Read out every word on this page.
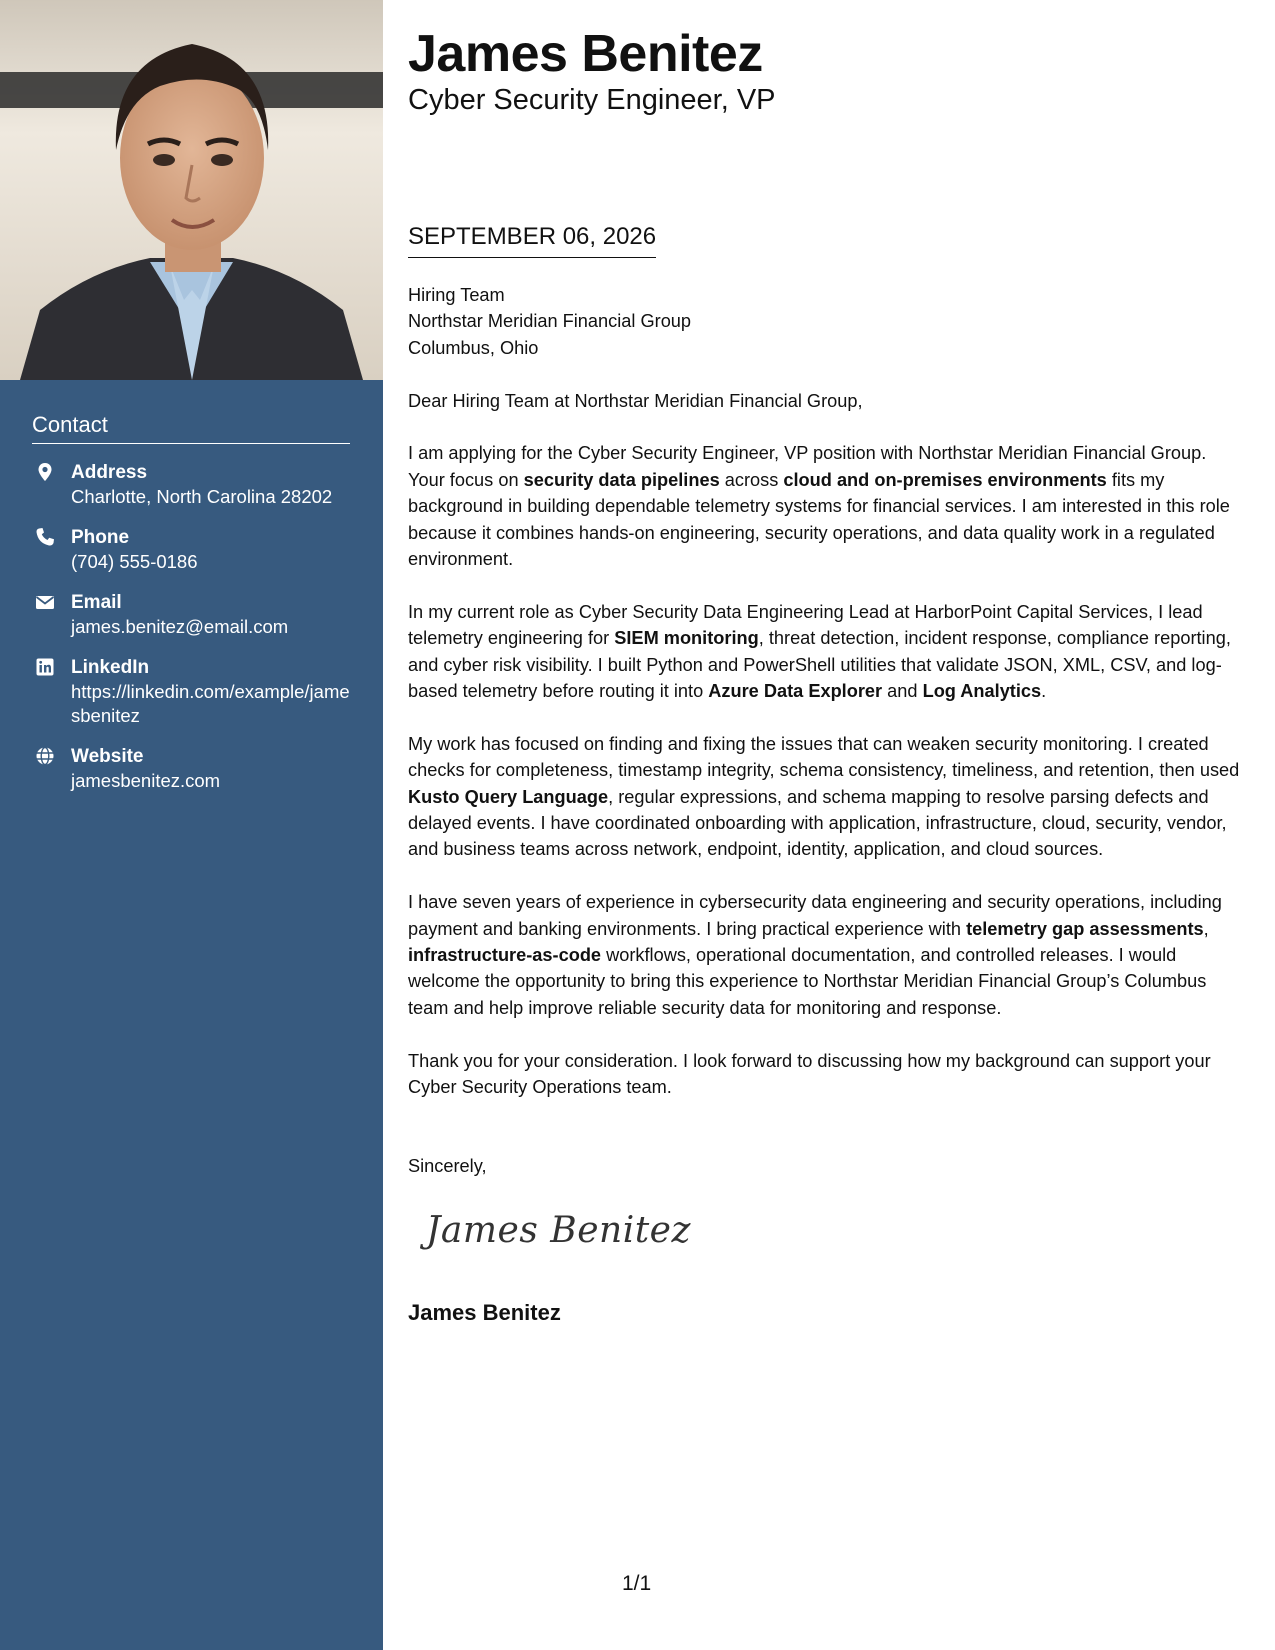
Contact
Address
Charlotte, North Carolina 28202
Phone
(704) 555-0186
Email
james.benitez@email.com
LinkedIn
https://linkedin.com/example/jamesbenitez
Website
jamesbenitez.com
James Benitez
Cyber Security Engineer, VP
SEPTEMBER 06, 2026

Hiring Team

Northstar Meridian Financial Group

Columbus, Ohio

Dear Hiring Team at Northstar Meridian Financial Group,

I am applying for the Cyber Security Engineer, VP position with Northstar Meridian Financial Group. Your focus on security data pipelines across cloud and on-premises environments fits my background in building dependable telemetry systems for financial services. I am interested in this role because it combines hands-on engineering, security operations, and data quality work in a regulated environment.

In my current role as Cyber Security Data Engineering Lead at HarborPoint Capital Services, I lead telemetry engineering for SIEM monitoring, threat detection, incident response, compliance reporting, and cyber risk visibility. I built Python and PowerShell utilities that validate JSON, XML, CSV, and log-based telemetry before routing it into Azure Data Explorer and Log Analytics.

My work has focused on finding and fixing the issues that can weaken security monitoring. I created checks for completeness, timestamp integrity, schema consistency, timeliness, and retention, then used Kusto Query Language, regular expressions, and schema mapping to resolve parsing defects and delayed events. I have coordinated onboarding with application, infrastructure, cloud, security, vendor, and business teams across network, endpoint, identity, application, and cloud sources.

I have seven years of experience in cybersecurity data engineering and security operations, including payment and banking environments. I bring practical experience with telemetry gap assessments, infrastructure-as-code workflows, operational documentation, and controlled releases. I would welcome the opportunity to bring this experience to Northstar Meridian Financial Group’s Columbus team and help improve reliable security data for monitoring and response.

Thank you for your consideration. I look forward to discussing how my background can support your Cyber Security Operations team.

Sincerely,
James Benitez
James Benitez
1/1
